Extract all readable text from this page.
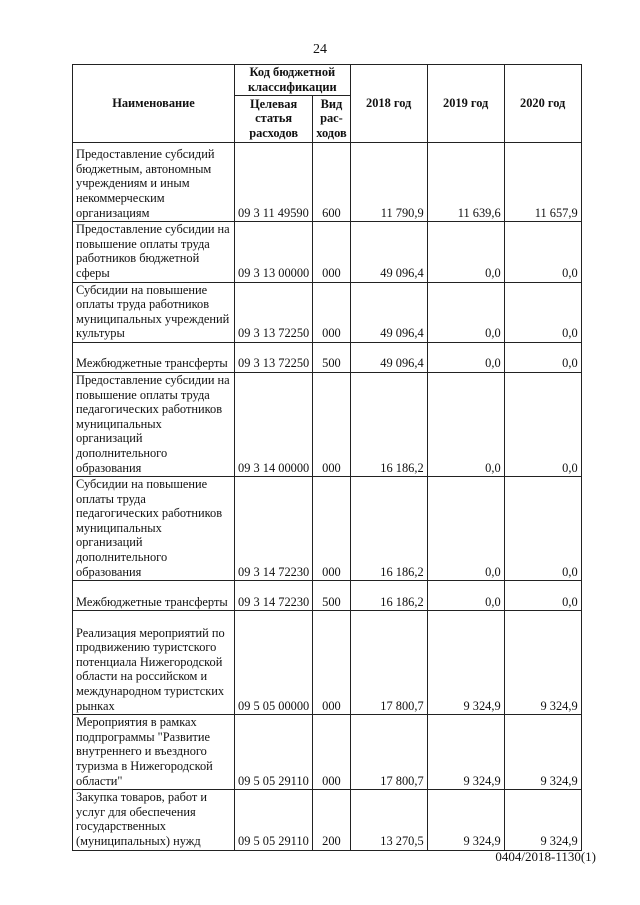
24
Наименование	Код бюджетной классификации		2018 год	2019 год	2020 год
	Целевая статья расходов	Вид рас-ходов			
Предоставление субсидий бюджетным, автономным учреждениям и иным некоммерческим организациям	09 3 11 49590	600	11 790,9	11 639,6	11 657,9
Предоставление субсидии на повышение оплаты труда работников бюджетной сферы	09 3 13 00000	000	49 096,4	0,0	0,0
Субсидии на повышение оплаты труда работников муниципальных учреждений культуры	09 3 13 72250	000	49 096,4	0,0	0,0
Межбюджетные трансферты	09 3 13 72250	500	49 096,4	0,0	0,0
Предоставление субсидии на повышение оплаты труда педагогических работников муниципальных организаций дополнительного образования	09 3 14 00000	000	16 186,2	0,0	0,0
Субсидии на повышение оплаты труда педагогических работников муниципальных организаций дополнительного образования	09 3 14 72230	000	16 186,2	0,0	0,0
Межбюджетные трансферты	09 3 14 72230	500	16 186,2	0,0	0,0
Реализация мероприятий по продвижению туристского потенциала Нижегородской области на российском и международном туристских рынках	09 5 05 00000	000	17 800,7	9 324,9	9 324,9
Мероприятия в рамках подпрограммы "Развитие внутреннего и въездного туризма в Нижегородской области"	09 5 05 29110	000	17 800,7	9 324,9	9 324,9
Закупка товаров, работ и услуг для обеспечения государственных (муниципальных) нужд	09 5 05 29110	200	13 270,5	9 324,9	9 324,9
0404/2018-1130(1)
